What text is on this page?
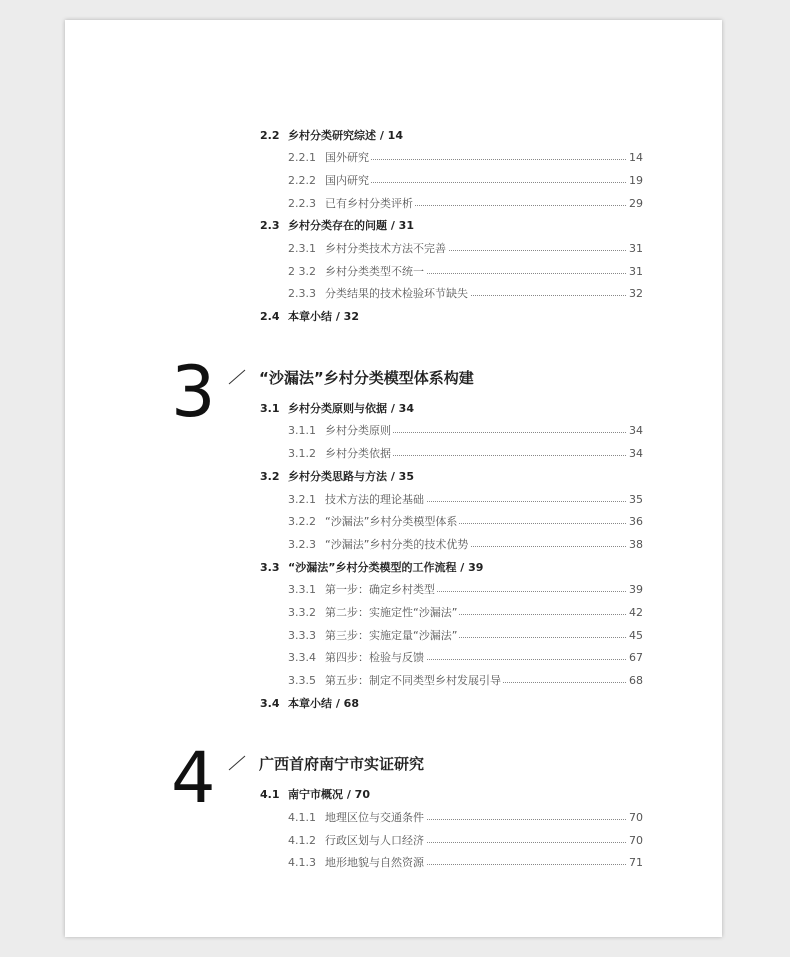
2.2 乡村分类研究综述 / 14
2.2.1 国外研究	14
2.2.2 国内研究	19
2.2.3 已有乡村分类评析	29
2.3 乡村分类存在的问题 / 31
2.3.1 乡村分类技术方法不完善	31
2 3.2 乡村分类类型不统一	31
2.3.3 分类结果的技术检验环节缺失	32
2.4 本章小结 / 32
3	“沙漏法”乡村分类模型体系构建
3.1 乡村分类原则与依据 / 34
3.1.1 乡村分类原则	34
3.1.2 乡村分类依据	34
3.2 乡村分类思路与方法 / 35
3.2.1 技术方法的理论基础	35
3.2.2 “沙漏法”乡村分类模型体系	36
3.2.3 “沙漏法”乡村分类的技术优势	38
3.3 “沙漏法”乡村分类模型的工作流程 / 39
3.3.1 第一步：确定乡村类型	39
3.3.2 第二步：实施定性“沙漏法”	42
3.3.3 第三步：实施定量“沙漏法”	45
3.3.4 第四步：检验与反馈	67
3.3.5 第五步：制定不同类型乡村发展引导	68
3.4 本章小结 / 68
4	广西首府南宁市实证研究
4.1 南宁市概况 / 70
4.1.1 地理区位与交通条件	70
4.1.2 行政区划与人口经济	70
4.1.3 地形地貌与自然资源	71
